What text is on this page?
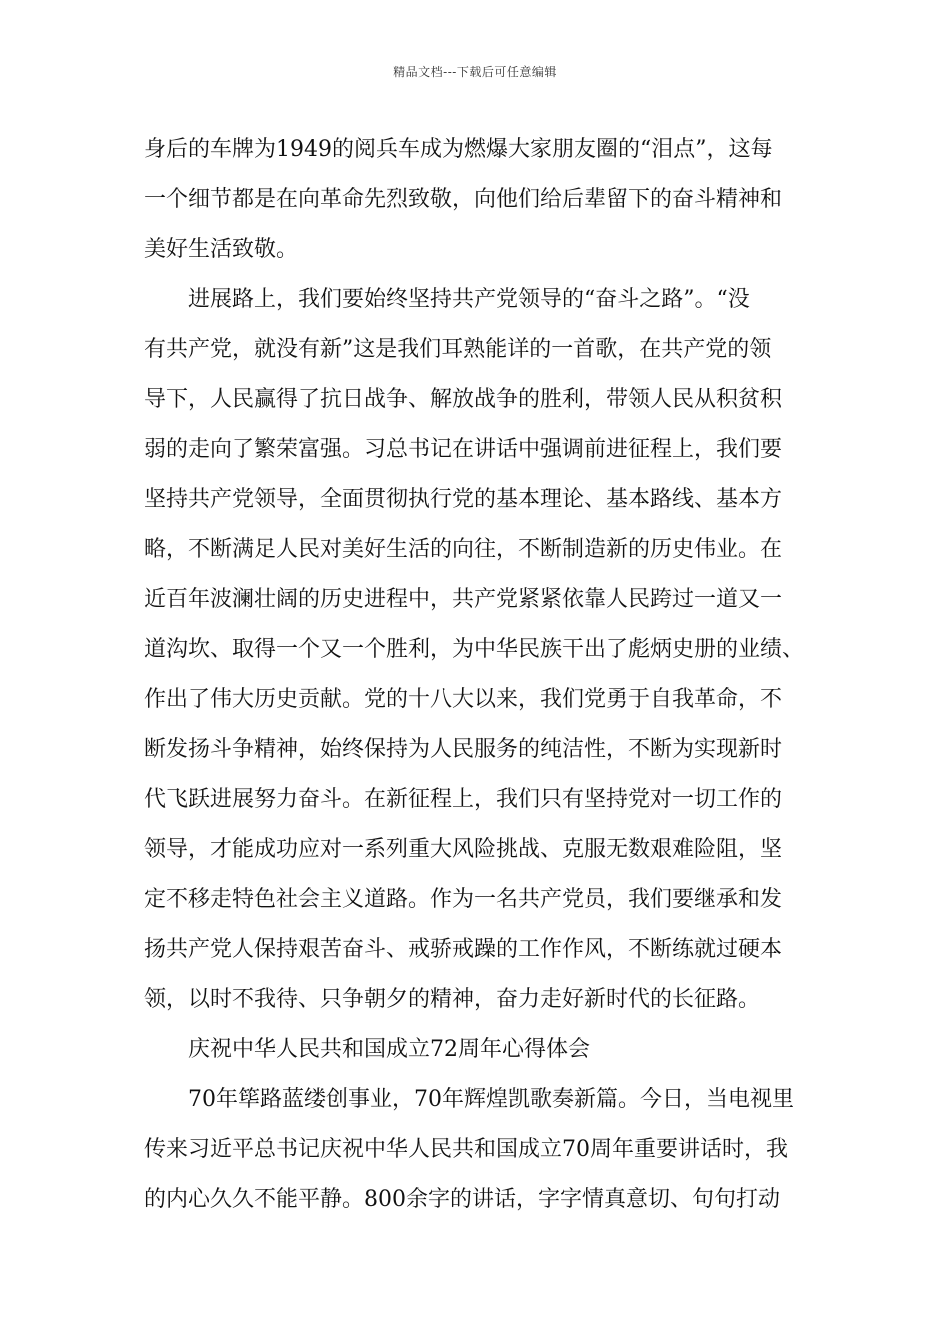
精品文档---下载后可任意编辑
身后的车牌为1949的阅兵车成为燃爆大家朋友圈的“泪点”，这每
一个细节都是在向革命先烈致敬，向他们给后辈留下的奋斗精神和
美好生活致敬。
进展路上，我们要始终坚持共产党领导的“奋斗之路”。“没
有共产党，就没有新”这是我们耳熟能详的一首歌，在共产党的领
导下，人民赢得了抗日战争、解放战争的胜利，带领人民从积贫积
弱的走向了繁荣富强。习总书记在讲话中强调前进征程上，我们要
坚持共产党领导，全面贯彻执行党的基本理论、基本路线、基本方
略，不断满足人民对美好生活的向往，不断制造新的历史伟业。在
近百年波澜壮阔的历史进程中，共产党紧紧依靠人民跨过一道又一
道沟坎、取得一个又一个胜利，为中华民族干出了彪炳史册的业绩、
作出了伟大历史贡献。党的十八大以来，我们党勇于自我革命，不
断发扬斗争精神，始终保持为人民服务的纯洁性，不断为实现新时
代飞跃进展努力奋斗。在新征程上，我们只有坚持党对一切工作的
领导，才能成功应对一系列重大风险挑战、克服无数艰难险阻，坚
定不移走特色社会主义道路。作为一名共产党员，我们要继承和发
扬共产党人保持艰苦奋斗、戒骄戒躁的工作作风，不断练就过硬本
领，以时不我待、只争朝夕的精神，奋力走好新时代的长征路。
庆祝中华人民共和国成立72周年心得体会
70年筚路蓝缕创事业，70年辉煌凯歌奏新篇。今日，当电视里
传来习近平总书记庆祝中华人民共和国成立70周年重要讲话时，我
的内心久久不能平静。800余字的讲话，字字情真意切、句句打动
